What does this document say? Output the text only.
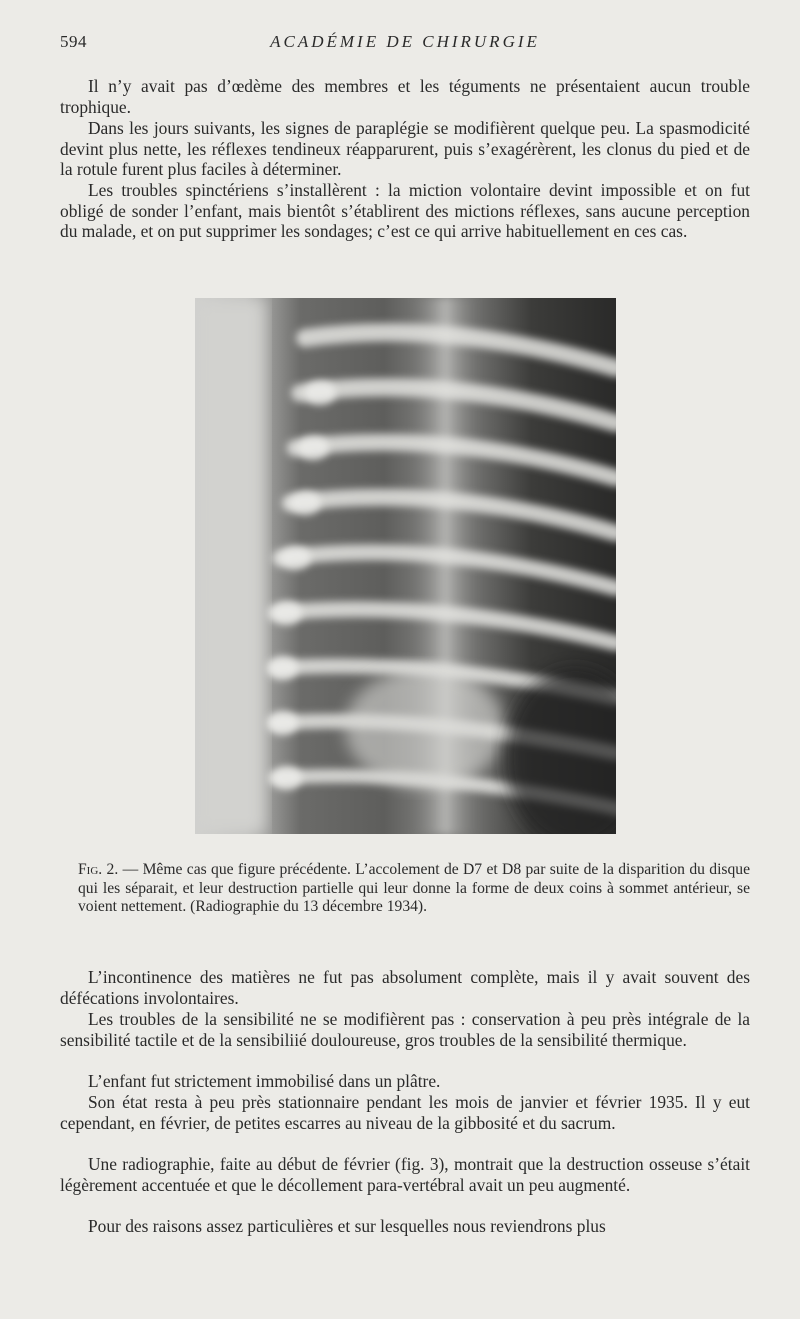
594	ACADÉMIE DE CHIRURGIE

Il n’y avait pas d’œdème des membres et les téguments ne présentaient aucun trouble trophique.

Dans les jours suivants, les signes de paraplégie se modifièrent quelque peu. La spasmodicité devint plus nette, les réflexes tendineux réapparurent, puis s’exagérèrent, les clonus du pied et de la rotule furent plus faciles à déterminer.

Les troubles spinctériens s’installèrent : la miction volontaire devint impossible et on fut obligé de sonder l’enfant, mais bientôt s’établirent des mictions réflexes, sans aucune perception du malade, et on put supprimer les sondages; c’est ce qui arrive habituellement en ces cas.

Fig. 2. — Même cas que figure précédente. L’accolement de D7 et D8 par suite de la disparition du disque qui les séparait, et leur destruction partielle qui leur donne la forme de deux coins à sommet antérieur, se voient nettement. (Radiographie du 13 décembre 1934).

L’incontinence des matières ne fut pas absolument complète, mais il y avait souvent des défécations involontaires.

Les troubles de la sensibilité ne se modifièrent pas : conservation à peu près intégrale de la sensibilité tactile et de la sensibiliié douloureuse, gros troubles de la sensibilité thermique.

L’enfant fut strictement immobilisé dans un plâtre.

Son état resta à peu près stationnaire pendant les mois de janvier et février 1935. Il y eut cependant, en février, de petites escarres au niveau de la gibbosité et du sacrum.

Une radiographie, faite au début de février (fig. 3), montrait que la destruction osseuse s’était légèrement accentuée et que le décollement para-vertébral avait un peu augmenté.

Pour des raisons assez particulières et sur lesquelles nous reviendrons plus
